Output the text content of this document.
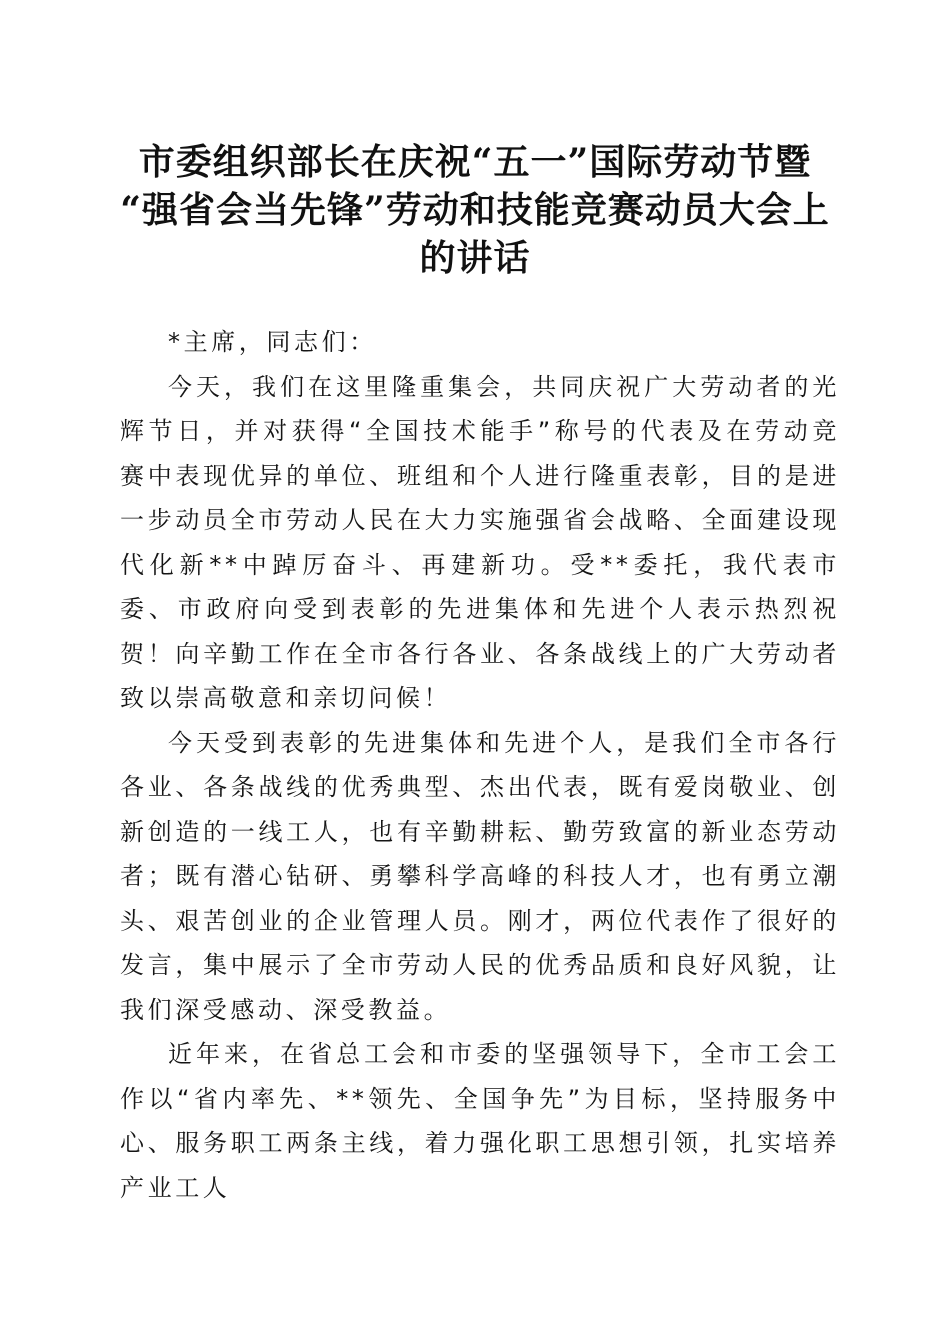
市委组织部长在庆祝“五一”国际劳动节暨
“强省会当先锋”劳动和技能竞赛动员大会上
的讲话

*主席，同志们：

今天，我们在这里隆重集会，共同庆祝广大劳动者的光辉节日，并对获得“全国技术能手”称号的代表及在劳动竞赛中表现优异的单位、班组和个人进行隆重表彰，目的是进一步动员全市劳动人民在大力实施强省会战略、全面建设现代化新**中踔厉奋斗、再建新功。受**委托，我代表市委、市政府向受到表彰的先进集体和先进个人表示热烈祝贺！向辛勤工作在全市各行各业、各条战线上的广大劳动者致以崇高敬意和亲切问候！

今天受到表彰的先进集体和先进个人，是我们全市各行各业、各条战线的优秀典型、杰出代表，既有爱岗敬业、创新创造的一线工人，也有辛勤耕耘、勤劳致富的新业态劳动者；既有潜心钻研、勇攀科学高峰的科技人才，也有勇立潮头、艰苦创业的企业管理人员。刚才，两位代表作了很好的发言，集中展示了全市劳动人民的优秀品质和良好风貌，让我们深受感动、深受教益。

近年来，在省总工会和市委的坚强领导下，全市工会工作以“省内率先、**领先、全国争先”为目标，坚持服务中心、服务职工两条主线，着力强化职工思想引领，扎实培养产业工人
